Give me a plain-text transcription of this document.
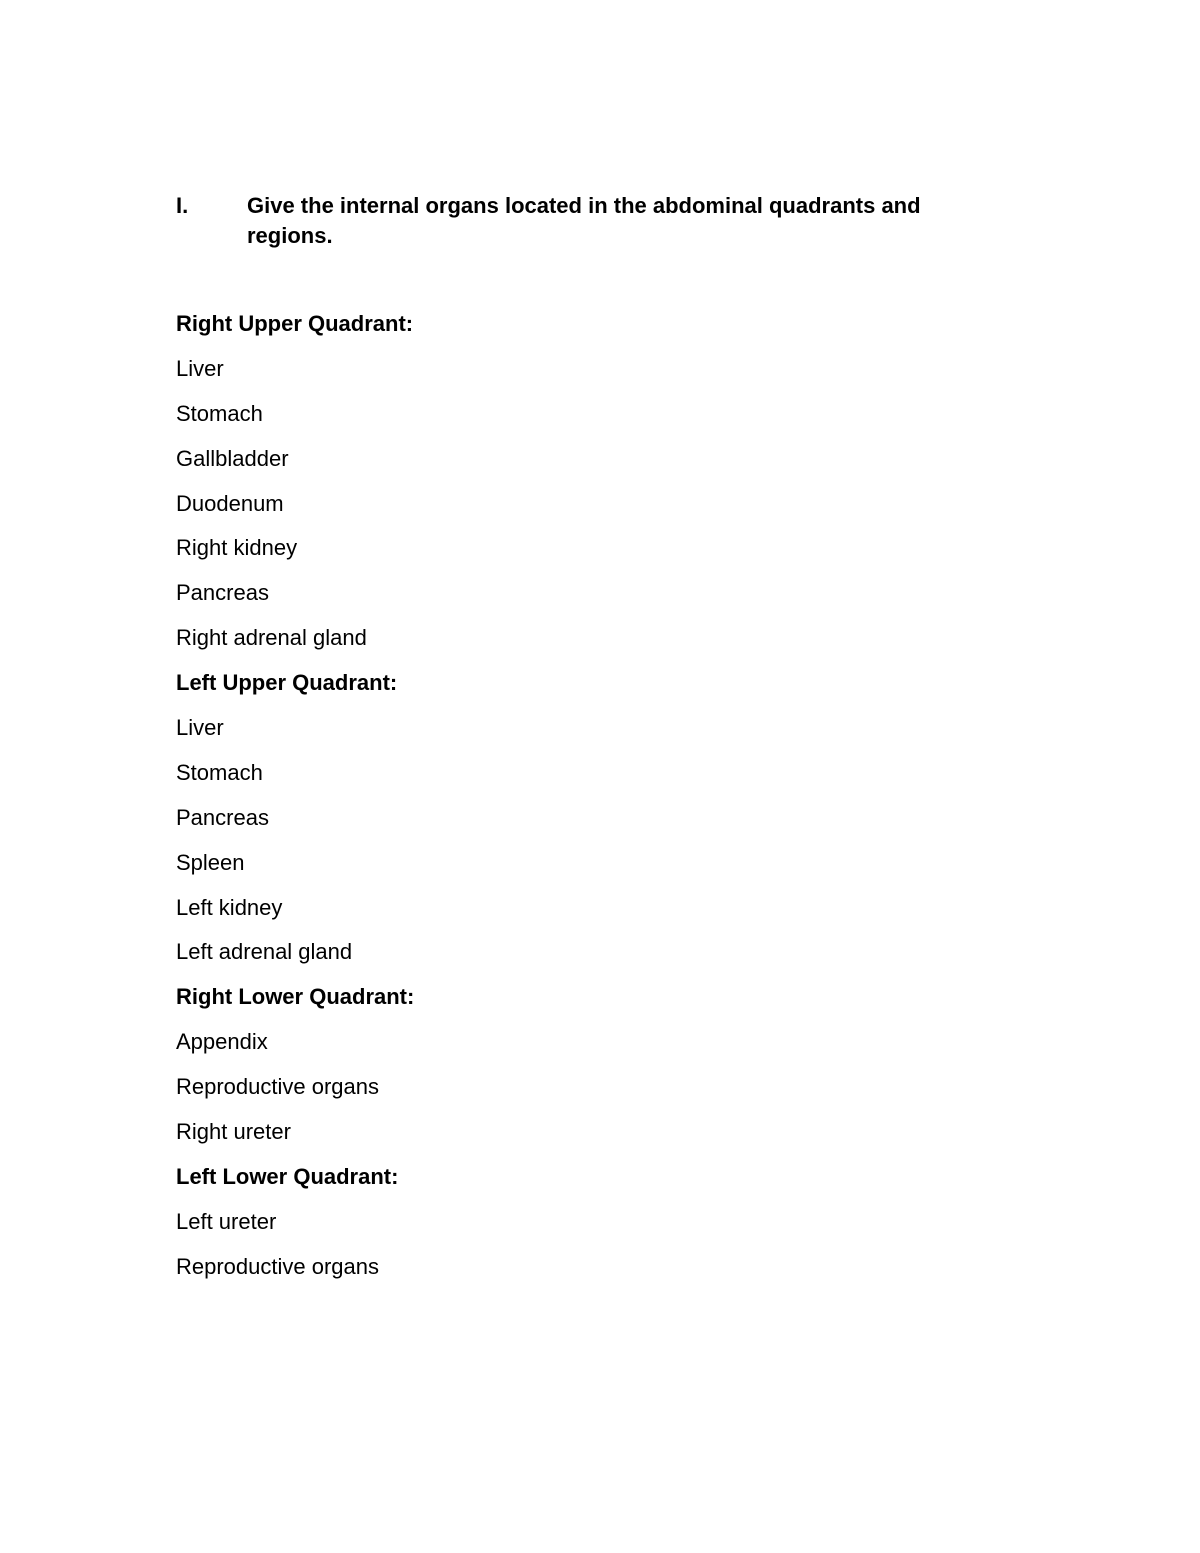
I.	Give the internal organs located in the abdominal quadrants and regions.
Right Upper Quadrant:
Liver
Stomach
Gallbladder
Duodenum
Right kidney
Pancreas
Right adrenal gland
Left Upper Quadrant:
Liver
Stomach
Pancreas
Spleen
Left kidney
Left adrenal gland
Right Lower Quadrant:
Appendix
Reproductive organs
Right ureter
Left Lower Quadrant:
Left ureter
Reproductive organs
